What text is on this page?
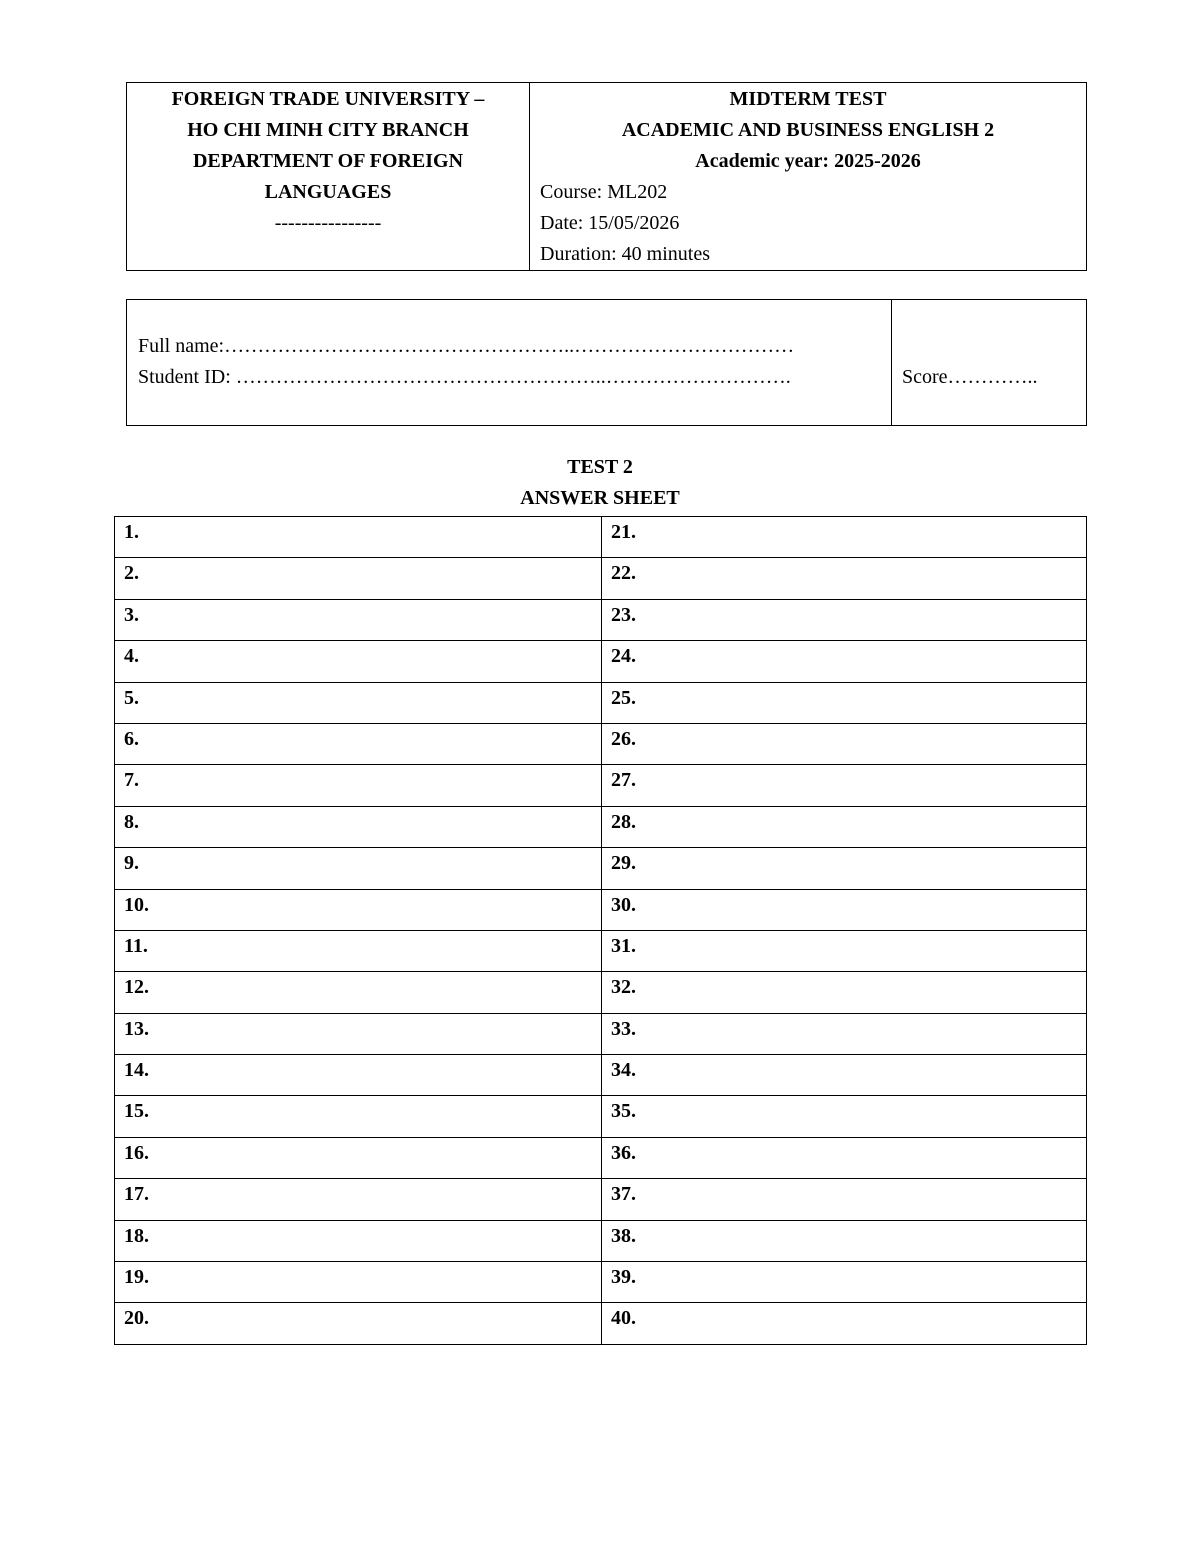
FOREIGN TRADE UNIVERSITY –
HO CHI MINH CITY BRANCH
DEPARTMENT OF FOREIGN
LANGUAGES
----------------
MIDTERM TEST
ACADEMIC AND BUSINESS ENGLISH 2
Academic year: 2025-2026
Course: ML202
Date: 15/05/2026
Duration: 40 minutes
Full name:……………………………………………..……………………………
Student ID: ………………………………………………..……………………….	Score…………..
TEST 2
ANSWER SHEET
1.	21.
2.	22.
3.	23.
4.	24.
5.	25.
6.	26.
7.	27.
8.	28.
9.	29.
10.	30.
11.	31.
12.	32.
13.	33.
14.	34.
15.	35.
16.	36.
17.	37.
18.	38.
19.	39.
20.	40.
